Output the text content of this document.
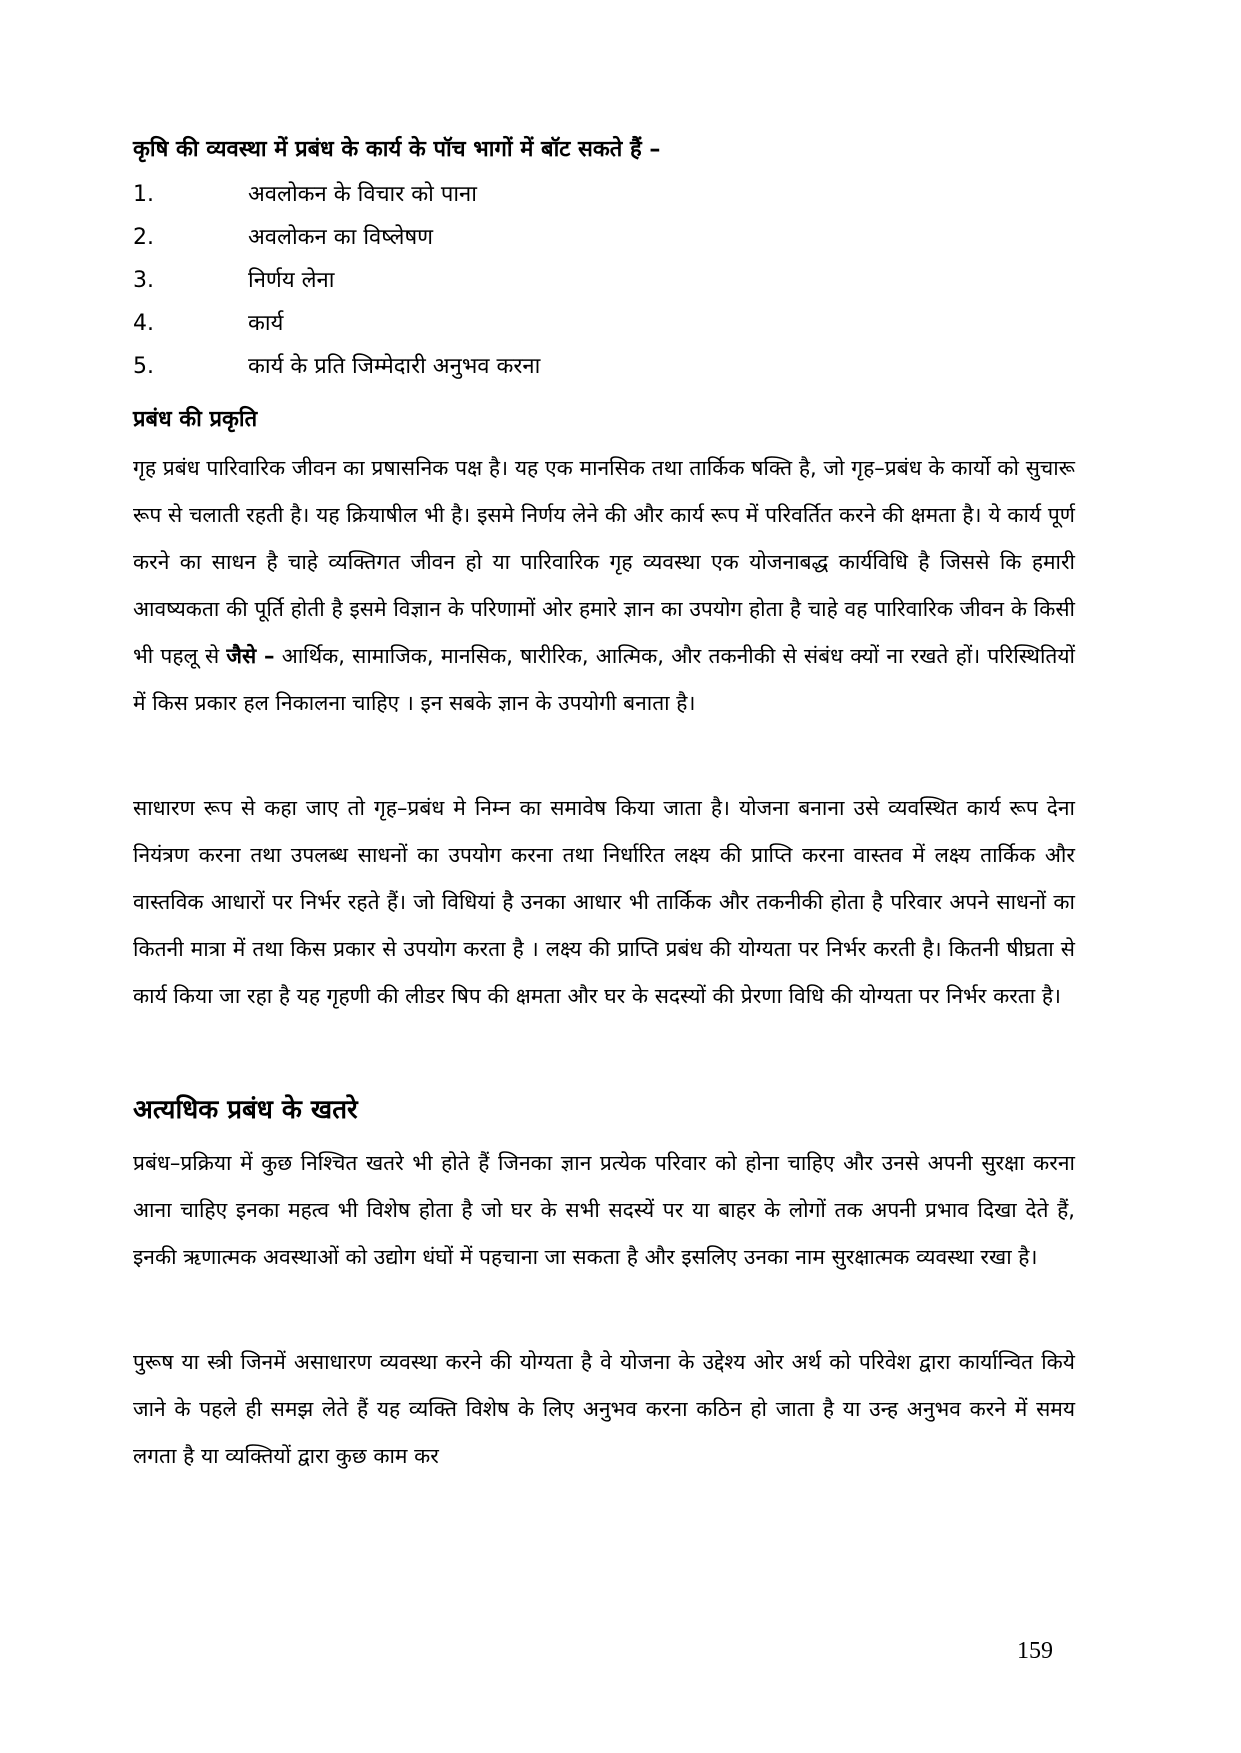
कृषि की व्यवस्था में प्रबंध के कार्य के पॉच भागों में बॉट सकते हैं –

1.	अवलोकन के विचार को पाना
2.	अवलोकन का विष्लेषण
3.	निर्णय लेना
4.	कार्य
5.	कार्य के प्रति जिम्मेदारी अनुभव करना

प्रबंध की प्रकृति

गृह प्रबंध पारिवारिक जीवन का प्रषासनिक पक्ष है। यह एक मानसिक तथा तार्किक षक्ति है, जो गृह–प्रबंध के कार्यो को सुचारू रूप से चलाती रहती है। यह क्रियाषील भी है। इसमे निर्णय लेने की और कार्य रूप में परिवर्तित करने की क्षमता है। ये कार्य पूर्ण करने का साधन है चाहे व्यक्तिगत जीवन हो या पारिवारिक गृह व्यवस्था एक योजनाबद्ध कार्यविधि है जिससे कि हमारी आवष्यकता की पूर्ति होती है इसमे विज्ञान के परिणामों ओर हमारे ज्ञान का उपयोग होता है चाहे वह पारिवारिक जीवन के किसी भी पहलू से जैसे – आर्थिक, सामाजिक, मानसिक, षारीरिक, आत्मिक, और तकनीकी से संबंध क्यों ना रखते हों। परिस्थितियों में किस प्रकार हल निकालना चाहिए । इन सबके ज्ञान के उपयोगी बनाता है।

साधारण रूप से कहा जाए तो गृह–प्रबंध मे निम्न का समावेष किया जाता है। योजना बनाना उसे व्यवस्थित कार्य रूप देना नियंत्रण करना तथा उपलब्ध साधनों का उपयोग करना तथा निर्धारित लक्ष्य की प्राप्ति करना वास्तव में लक्ष्य तार्किक और वास्तविक आधारों पर निर्भर रहते हैं। जो विधियां है उनका आधार भी तार्किक और तकनीकी होता है परिवार अपने साधनों का कितनी मात्रा में तथा किस प्रकार से उपयोग करता है । लक्ष्य की प्राप्ति प्रबंध की योग्यता पर निर्भर करती है। कितनी षीघ्रता से कार्य किया जा रहा है यह गृहणी की लीडर षिप की क्षमता और घर के सदस्यों की प्रेरणा विधि की योग्यता पर निर्भर करता है।

अत्यधिक प्रबंध के खतरे

प्रबंध–प्रक्रिया में कुछ निश्चित खतरे भी होते हैं जिनका ज्ञान प्रत्येक परिवार को होना चाहिए और उनसे अपनी सुरक्षा करना आना चाहिए इनका महत्व भी विशेष होता है जो घर के सभी सदस्यें पर या बाहर के लोगों तक अपनी प्रभाव दिखा देते हैं, इनकी ऋणात्मक अवस्थाओं को उद्योग धंघों में पहचाना जा सकता है और इसलिए उनका नाम सुरक्षात्मक व्यवस्था रखा है।

पुरूष या स्त्री जिनमें असाधारण व्यवस्था करने की योग्यता है वे योजना के उद्देश्य ओर अर्थ को परिवेश द्वारा कार्यान्वित किये जाने के पहले ही समझ लेते हैं यह व्यक्ति विशेष के लिए अनुभव करना कठिन हो जाता है या उन्ह अनुभव करने में समय लगता है या व्यक्तियों द्वारा कुछ काम कर

159
